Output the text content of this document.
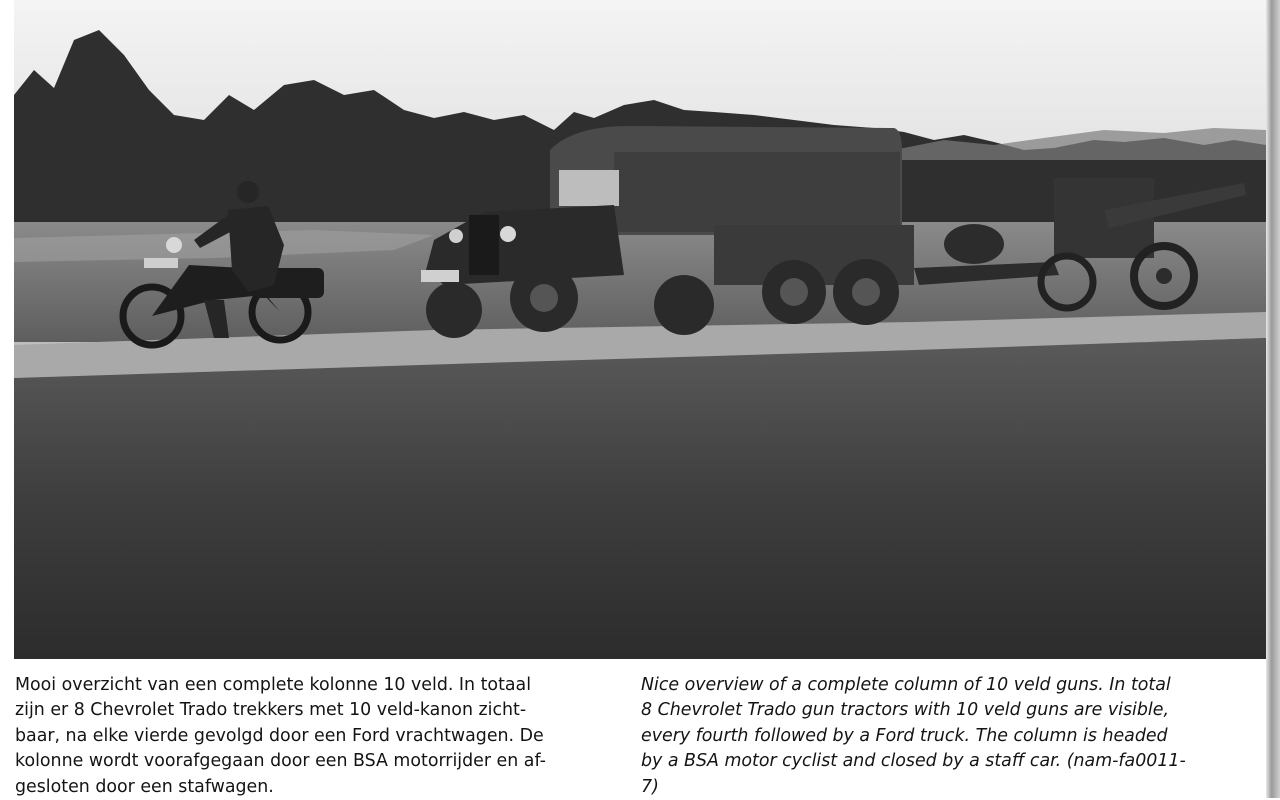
Mooi overzicht van een complete kolonne 10 veld. In totaal
zijn er 8 Chevrolet Trado trekkers met 10 veld-kanon zicht-
baar, na elke vierde gevolgd door een Ford vrachtwagen. De
kolonne wordt voorafgegaan door een BSA motorrijder en af-
gesloten door een stafwagen.

Nice overview of a complete column of 10 veld guns. In total
8 Chevrolet Trado gun tractors with 10 veld guns are visible,
every fourth followed by a Ford truck. The column is headed
by a BSA motor cyclist and closed by a staff car. (nam-fa0011-
7)
